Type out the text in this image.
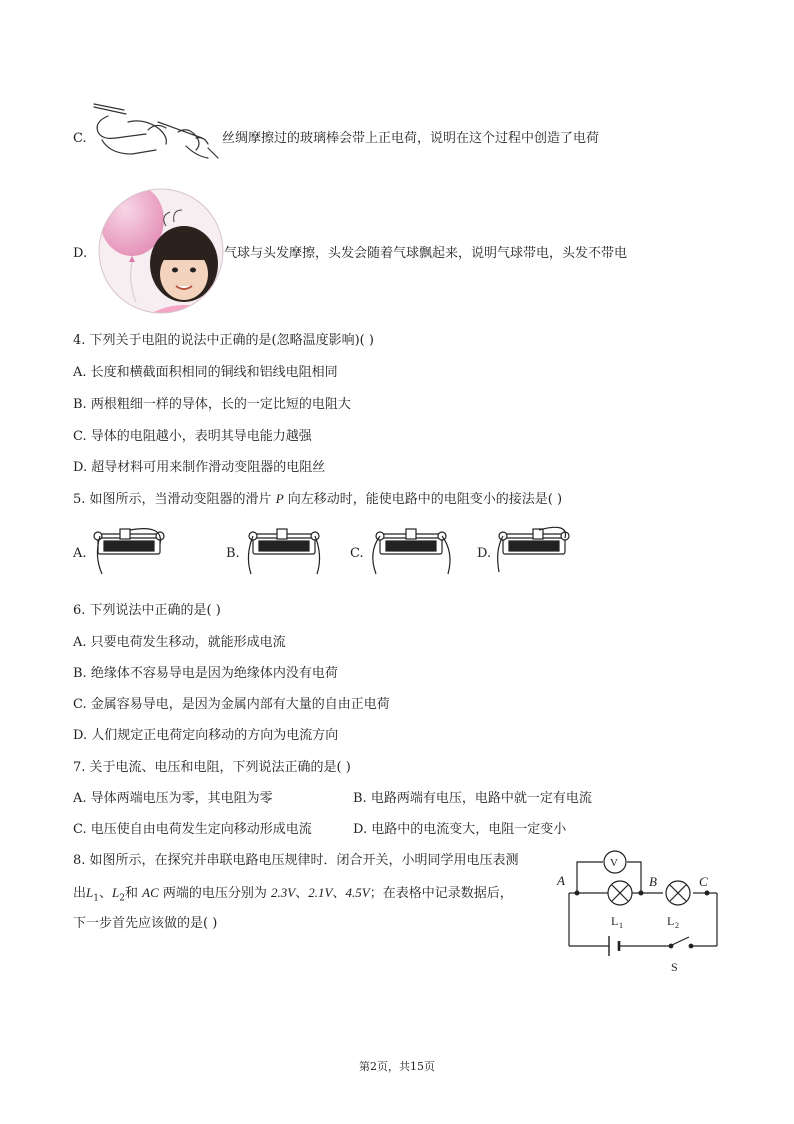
C.	丝绸摩擦过的玻璃棒会带上正电荷，说明在这个过程中创造了电荷
D.	气球与头发摩擦，头发会随着气球飘起来，说明气球带电，头发不带电
4. 下列关于电阻的说法中正确的是(忽略温度影响)( )
A. 长度和横截面积相同的铜线和铝线电阻相同
B. 两根粗细一样的导体，长的一定比短的电阻大
C. 导体的电阻越小，表明其导电能力越强
D. 超导材料可用来制作滑动变阻器的电阻丝
5. 如图所示，当滑动变阻器的滑片 P 向左移动时，能使电路中的电阻变小的接法是( )
A.	B.	C.	D.
6. 下列说法中正确的是( )
A. 只要电荷发生移动，就能形成电流
B. 绝缘体不容易导电是因为绝缘体内没有电荷
C. 金属容易导电，是因为金属内部有大量的自由正电荷
D. 人们规定正电荷定向移动的方向为电流方向
7. 关于电流、电压和电阻，下列说法正确的是( )
A. 导体两端电压为零，其电阻为零	B. 电路两端有电压，电路中就一定有电流
C. 电压使自由电荷发生定向移动形成电流	D. 电路中的电流变大，电阻一定变小
8. 如图所示，在探究并串联电路电压规律时．闭合开关，小明同学用电压表测
出$L_1$、$L_2$和 AC 两端的电压分别为 2.3V、2.1V、4.5V；在表格中记录数据后，
下一步首先应该做的是( )
A	B	C
V
L 1	L 2
S
第2页，共15页
